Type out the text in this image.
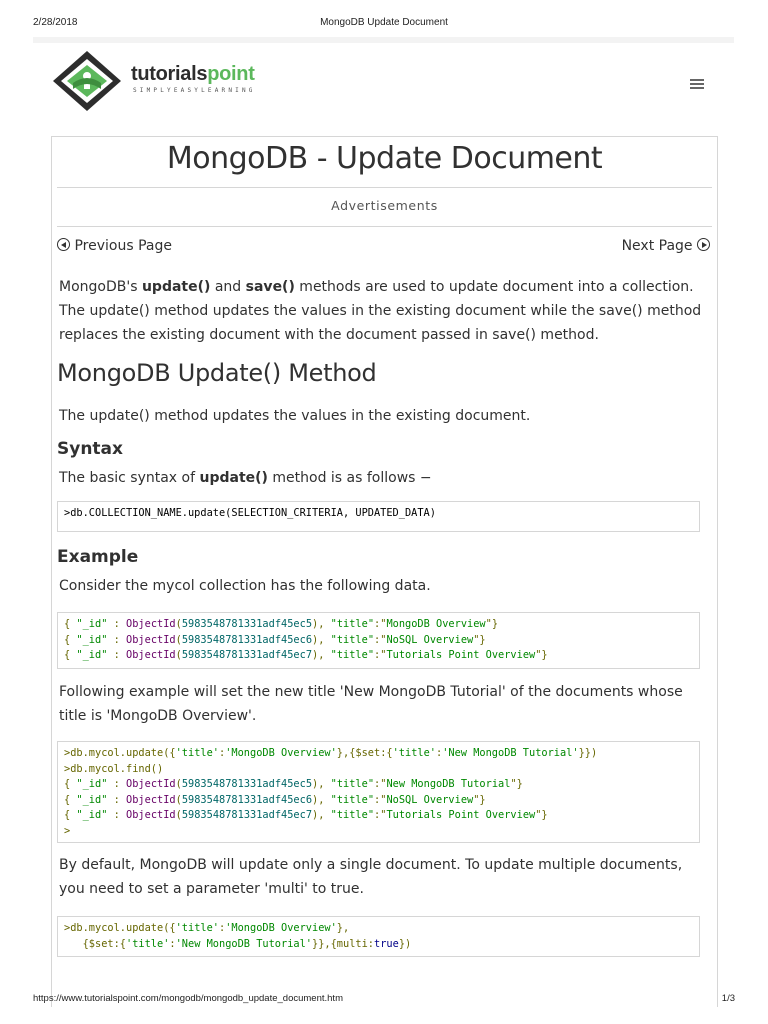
2/28/2018	MongoDB Update Document
tutorialspoint
SIMPLYEASYLEARNING
MongoDB - Update Document
Advertisements
Previous Page	Next Page

MongoDB's update() and save() methods are used to update document into a collection. The update() method updates the values in the existing document while the save() method replaces the existing document with the document passed in save() method.

MongoDB Update() Method

The update() method updates the values in the existing document.

Syntax

The basic syntax of update() method is as follows −

>db.COLLECTION_NAME.update(SELECTION_CRITERIA, UPDATED_DATA)
Example

Consider the mycol collection has the following data.

{ "_id" : ObjectId(5983548781331adf45ec5), "title":"MongoDB Overview"}
{ "_id" : ObjectId(5983548781331adf45ec6), "title":"NoSQL Overview"}
{ "_id" : ObjectId(5983548781331adf45ec7), "title":"Tutorials Point Overview"}

Following example will set the new title 'New MongoDB Tutorial' of the documents whose title is 'MongoDB Overview'.

>db.mycol.update({'title':'MongoDB Overview'},{$set:{'title':'New MongoDB Tutorial'}})
>db.mycol.find()
{ "_id" : ObjectId(5983548781331adf45ec5), "title":"New MongoDB Tutorial"}
{ "_id" : ObjectId(5983548781331adf45ec6), "title":"NoSQL Overview"}
{ "_id" : ObjectId(5983548781331adf45ec7), "title":"Tutorials Point Overview"}
>

By default, MongoDB will update only a single document. To update multiple documents, you need to set a parameter 'multi' to true.

>db.mycol.update({'title':'MongoDB Overview'},
{$set:{'title':'New MongoDB Tutorial'}},{multi:true})
https://www.tutorialspoint.com/mongodb/mongodb_update_document.htm	1/3
